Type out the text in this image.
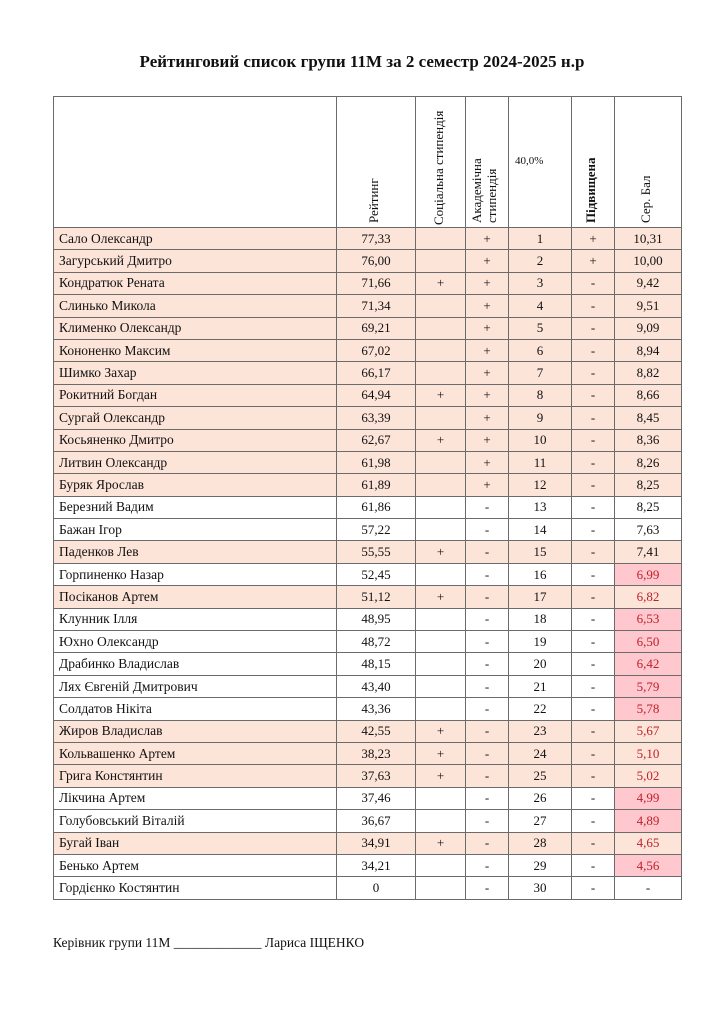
Рейтинговий список групи 11М за 2 семестр 2024-2025 н.р

	Рейтинг	Соціальна стипендія	Академічна стипендія	40,0%	Підвищена	Сер. Бал

Сало Олександр	77,33		+	1	+	10,31
Загурський Дмитро	76,00		+	2	+	10,00
Кондратюк Рената	71,66	+	+	3	-	9,42
Слинько Микола	71,34		+	4	-	9,51
Клименко Олександр	69,21		+	5	-	9,09
Кононенко Максим	67,02		+	6	-	8,94
Шимко Захар	66,17		+	7	-	8,82
Рокитний Богдан	64,94	+	+	8	-	8,66
Сургай Олександр	63,39		+	9	-	8,45
Косьяненко Дмитро	62,67	+	+	10	-	8,36
Литвин Олександр	61,98		+	11	-	8,26
Буряк Ярослав	61,89		+	12	-	8,25
Березний Вадим	61,86		-	13	-	8,25
Бажан Ігор	57,22		-	14	-	7,63
Паденков Лев	55,55	+	-	15	-	7,41
Горпиненко Назар	52,45		-	16	-	6,99
Посіканов Артем	51,12	+	-	17	-	6,82
Клунник Ілля	48,95		-	18	-	6,53
Юхно Олександр	48,72		-	19	-	6,50
Драбинко Владислав	48,15		-	20	-	6,42
Лях Євгеній Дмитрович	43,40		-	21	-	5,79
Солдатов Нікіта	43,36		-	22	-	5,78
Жиров Владислав	42,55	+	-	23	-	5,67
Кольвашенко Артем	38,23	+	-	24	-	5,10
Грига Констянтин	37,63	+	-	25	-	5,02
Лікчина Артем	37,46		-	26	-	4,99
Голубовський Віталій	36,67		-	27	-	4,89
Бугай Іван	34,91	+	-	28	-	4,65
Бенько Артем	34,21		-	29	-	4,56
Гордієнко Костянтин	0		-	30	-	-
Керівник групи 11М _____________ Лариса ІЩЕНКО
